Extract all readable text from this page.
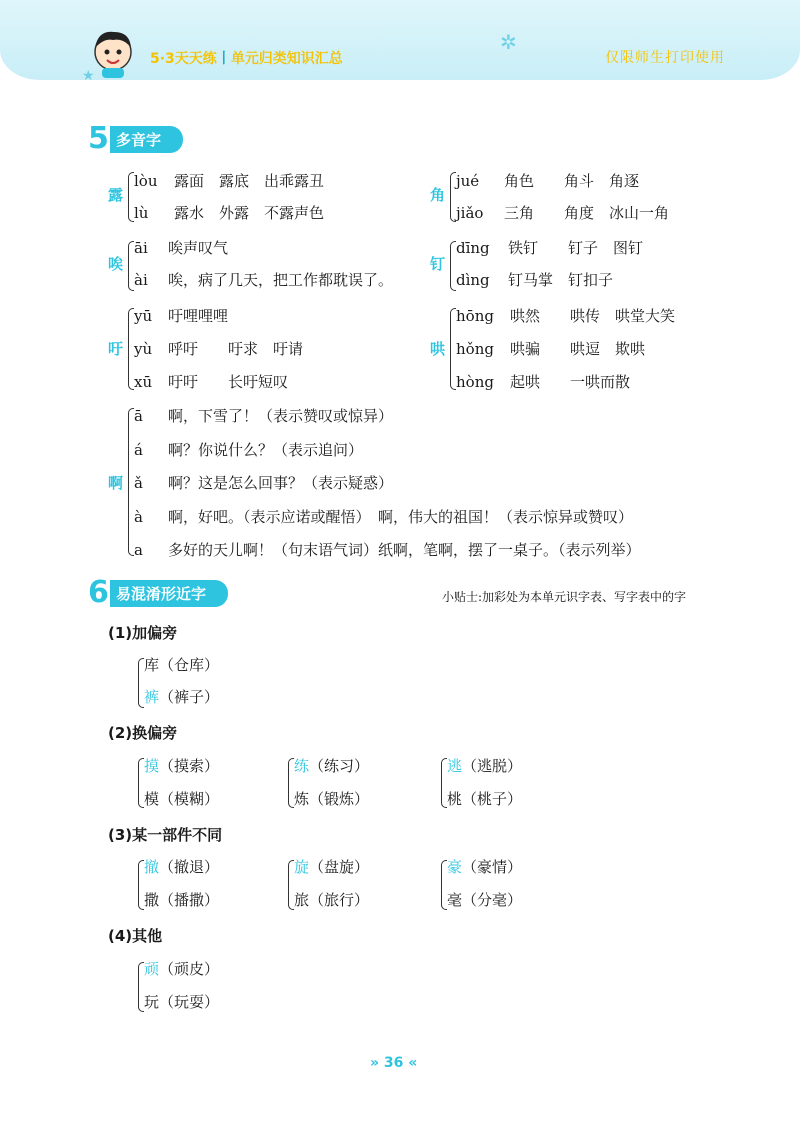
★
✲
5·3天天练丨单元归类知识汇总	仅限师生打印使用
5 多音字
露
lòu 露面　露底　出乖露丑
lù 露水　外露　不露声色
角
jué 角色　　角斗　角逐
jiǎo 三角　　角度　冰山一角
唉
āi 唉声叹气
ài 唉，病了几天，把工作都耽误了。
钉
dīng 铁钉　　钉子　图钉
dìng 钉马掌　钉扣子
吁
yū 吁哩哩哩
yù 呼吁　　吁求　吁请
xū 吁吁　　长吁短叹
哄
hōng 哄然　　哄传　哄堂大笑
hǒng 哄骗　　哄逗　欺哄
hòng 起哄　　一哄而散
啊
ā 啊，下雪了！（表示赞叹或惊异）
á 啊？你说什么？（表示追问）
ǎ 啊？这是怎么回事？（表示疑惑）
à 啊，好吧。（表示应诺或醒悟）　啊，伟大的祖国！（表示惊异或赞叹）
a 多好的天儿啊！（句末语气词）纸啊，笔啊，摆了一桌子。（表示列举）
6 易混淆形近字	小贴士:加彩处为本单元识字表、写字表中的字
(1)加偏旁
库（仓库）
裤（裤子）
(2)换偏旁
摸（摸索）
模（模糊）
练（练习）
炼（锻炼）
逃（逃脱）
桃（桃子）
(3)某一部件不同
撤（撤退）
撒（播撒）
旋（盘旋）
旅（旅行）
豪（豪情）
毫（分毫）
(4)其他
顽（顽皮）
玩（玩耍）
» 36 «
